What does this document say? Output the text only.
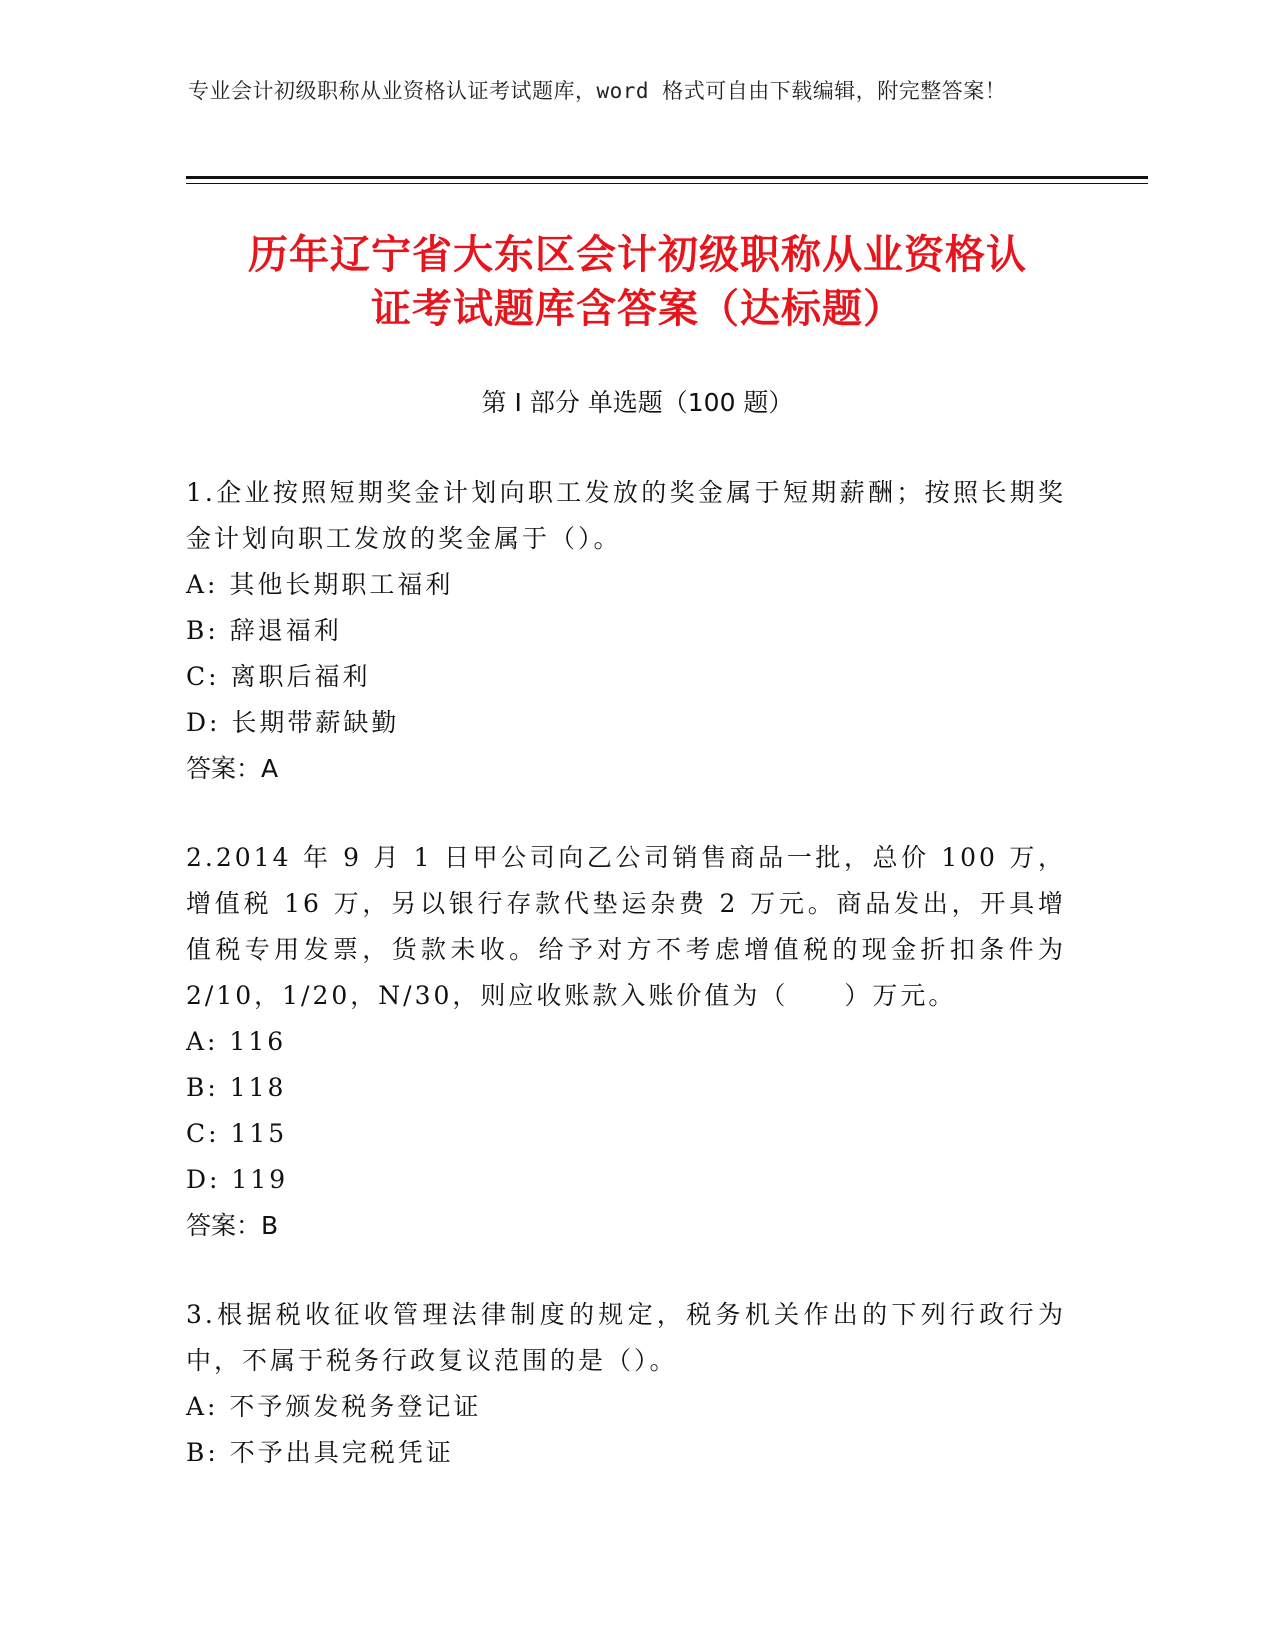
专业会计初级职称从业资格认证考试题库，word 格式可自由下载编辑，附完整答案！
历年辽宁省大东区会计初级职称从业资格认
证考试题库含答案（达标题）
第 I 部分 单选题（100 题）
1.企业按照短期奖金计划向职工发放的奖金属于短期薪酬；按照长期奖金计划向职工发放的奖金属于（）。
A: 其他长期职工福利
B: 辞退福利
C: 离职后福利
D: 长期带薪缺勤
答案：A
2.2014 年 9 月 1 日甲公司向乙公司销售商品一批，总价 100 万，增值税 16 万，另以银行存款代垫运杂费 2 万元。商品发出，开具增值税专用发票，货款未收。给予对方不考虑增值税的现金折扣条件为 2/10，1/20，N/30，则应收账款入账价值为（　　）万元。
A: 116
B: 118
C: 115
D: 119
答案：B
3.根据税收征收管理法律制度的规定，税务机关作出的下列行政行为中，不属于税务行政复议范围的是（）。
A: 不予颁发税务登记证
B: 不予出具完税凭证
